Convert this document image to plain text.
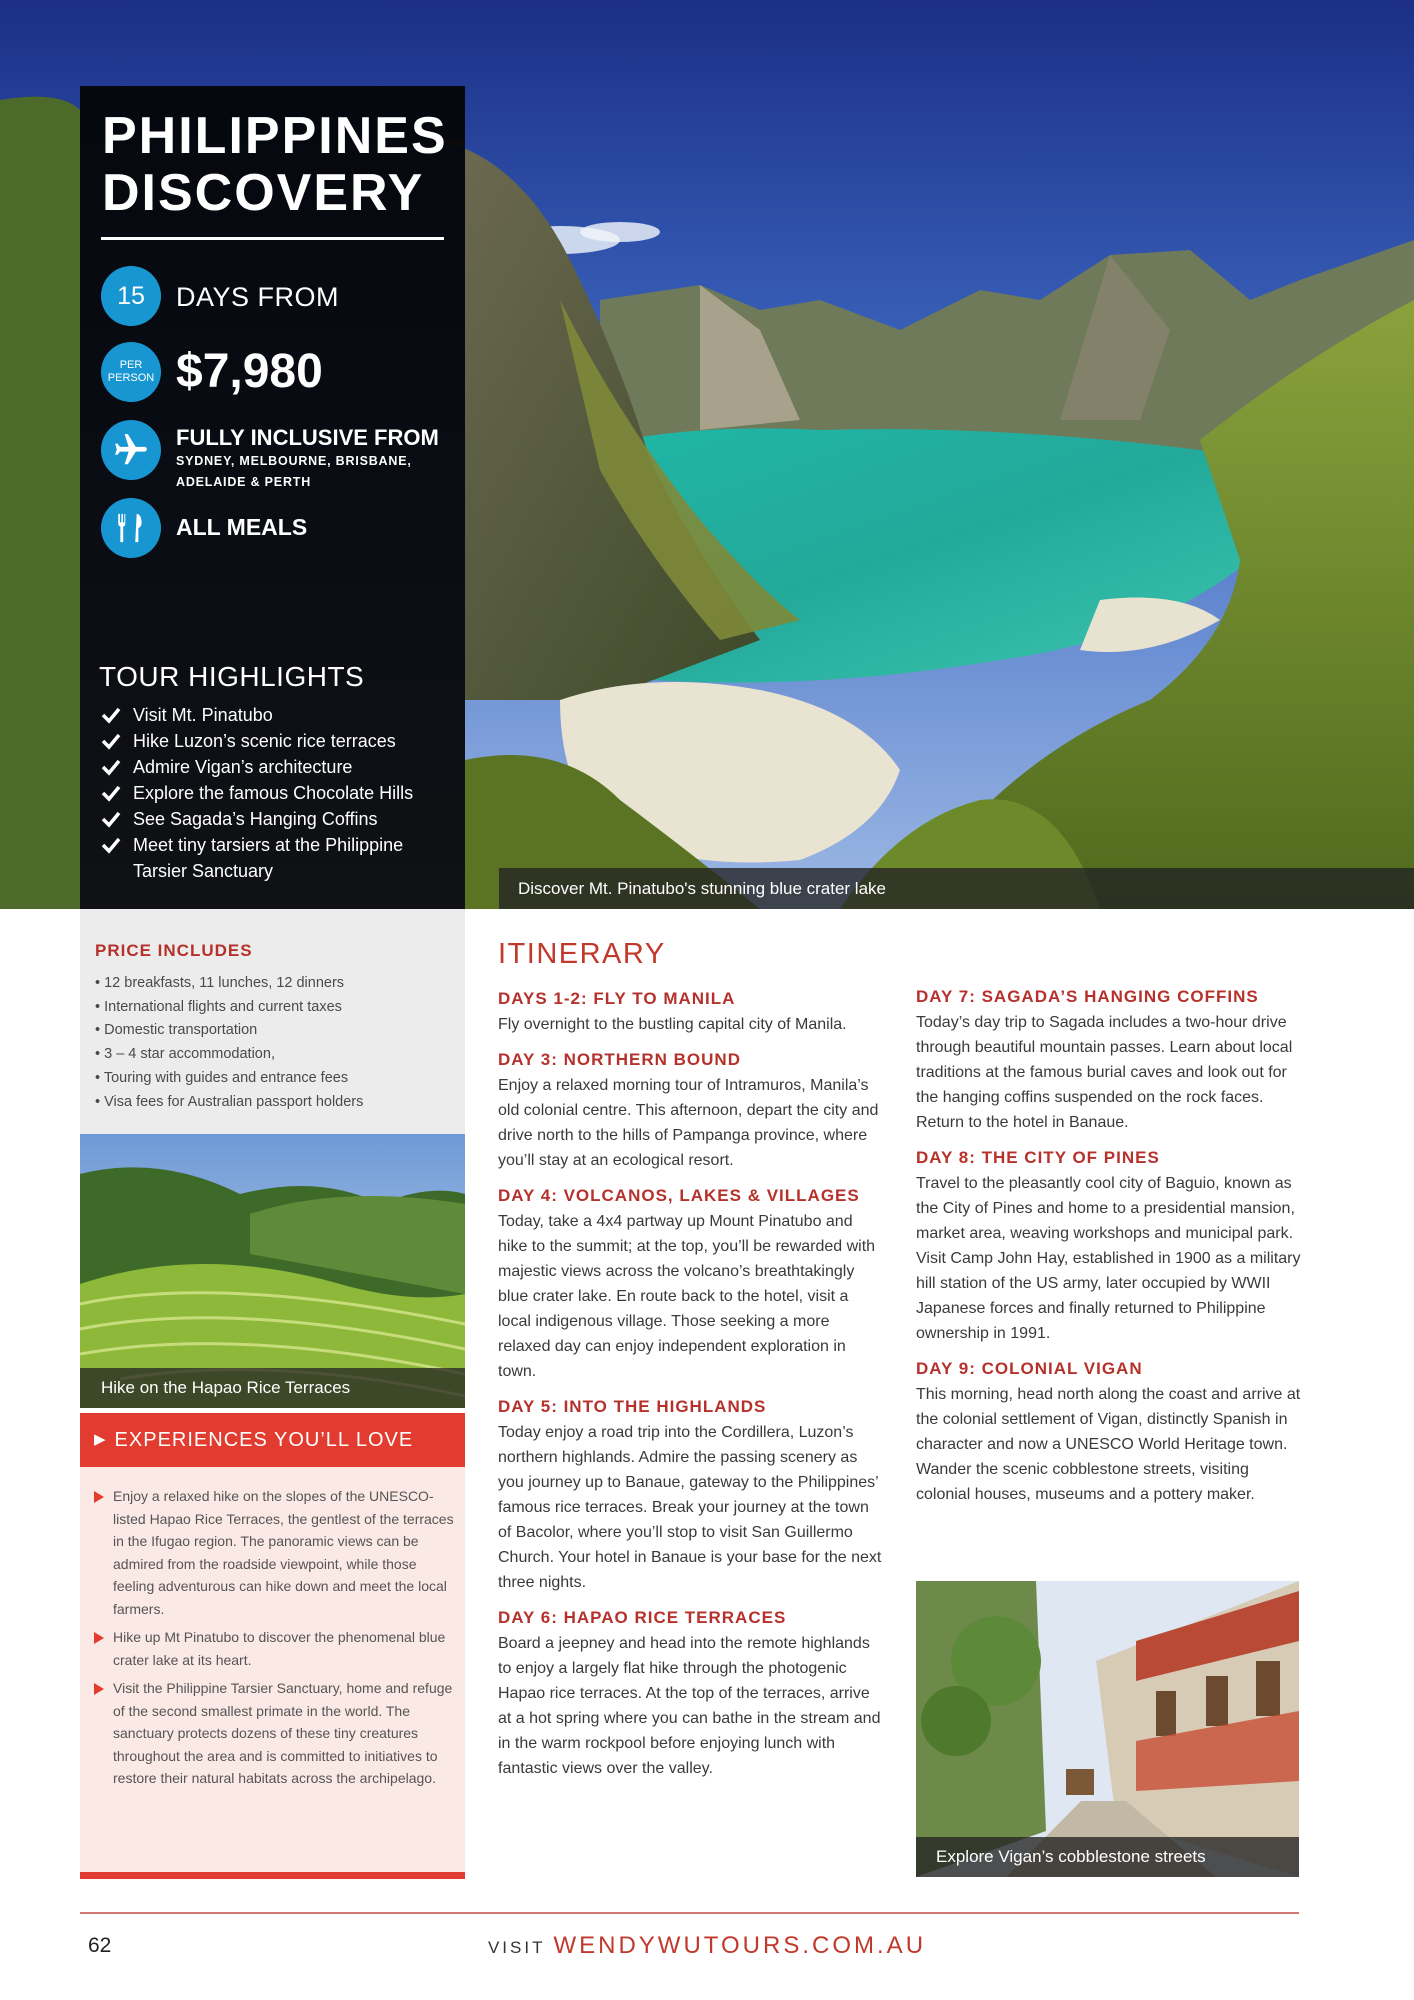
Discover Mt. Pinatubo's stunning blue crater lake
PHILIPPINES
DISCOVERY
15	DAYS FROM
PER
PERSON $7,980
FULLY INCLUSIVE FROM
SYDNEY, MELBOURNE, BRISBANE,
ADELAIDE & PERTH
ALL MEALS
TOUR HIGHLIGHTS
Visit Mt. Pinatubo
Hike Luzon’s scenic rice terraces
Admire Vigan’s architecture
Explore the famous Chocolate Hills
See Sagada’s Hanging Coffins
Meet tiny tarsiers at the Philippine Tarsier Sanctuary
PRICE INCLUDES
• 12 breakfasts, 11 lunches, 12 dinners
• International flights and current taxes
• Domestic transportation
• 3 – 4 star accommodation,
• Touring with guides and entrance fees
• Visa fees for Australian passport holders
Hike on the Hapao Rice Terraces
▶ EXPERIENCES YOU’LL LOVE
Enjoy a relaxed hike on the slopes of the UNESCO-listed Hapao Rice Terraces, the gentlest of the terraces in the Ifugao region. The panoramic views can be admired from the roadside viewpoint, while those feeling adventurous can hike down and meet the local farmers.
Hike up Mt Pinatubo to discover the phenomenal blue crater lake at its heart.
Visit the Philippine Tarsier Sanctuary, home and refuge of the second smallest primate in the world. The sanctuary protects dozens of these tiny creatures throughout the area and is committed to initiatives to restore their natural habitats across the archipelago.
ITINERARY
DAYS 1-2: FLY TO MANILA

Fly overnight to the bustling capital city of Manila.

DAY 3: NORTHERN BOUND

Enjoy a relaxed morning tour of Intramuros, Manila’s old colonial centre. This afternoon, depart the city and drive north to the hills of Pampanga province, where you’ll stay at an ecological resort.

DAY 4: VOLCANOS, LAKES & VILLAGES

Today, take a 4x4 partway up Mount Pinatubo and hike to the summit; at the top, you’ll be rewarded with majestic views across the volcano’s breathtakingly blue crater lake. En route back to the hotel, visit a local indigenous village. Those seeking a more relaxed day can enjoy independent exploration in town.

DAY 5: INTO THE HIGHLANDS

Today enjoy a road trip into the Cordillera, Luzon’s northern highlands. Admire the passing scenery as you journey up to Banaue, gateway to the Philippines’ famous rice terraces. Break your journey at the town of Bacolor, where you’ll stop to visit San Guillermo Church. Your hotel in Banaue is your base for the next three nights.

DAY 6: HAPAO RICE TERRACES

Board a jeepney and head into the remote highlands to enjoy a largely flat hike through the photogenic Hapao rice terraces. At the top of the terraces, arrive at a hot spring where you can bathe in the stream and in the warm rockpool before enjoying lunch with fantastic views over the valley.

DAY 7: SAGADA’S HANGING COFFINS

Today’s day trip to Sagada includes a two-hour drive through beautiful mountain passes. Learn about local traditions at the famous burial caves and look out for the hanging coffins suspended on the rock faces. Return to the hotel in Banaue.

DAY 8: THE CITY OF PINES

Travel to the pleasantly cool city of Baguio, known as the City of Pines and home to a presidential mansion, market area, weaving workshops and municipal park. Visit Camp John Hay, established in 1900 as a military hill station of the US army, later occupied by WWII Japanese forces and finally returned to Philippine ownership in 1991.

DAY 9: COLONIAL VIGAN

This morning, head north along the coast and arrive at the colonial settlement of Vigan, distinctly Spanish in character and now a UNESCO World Heritage town. Wander the scenic cobblestone streets, visiting colonial houses, museums and a pottery maker.

Explore Vigan’s cobblestone streets
62	VISIT WENDYWUTOURS.COM.AU
